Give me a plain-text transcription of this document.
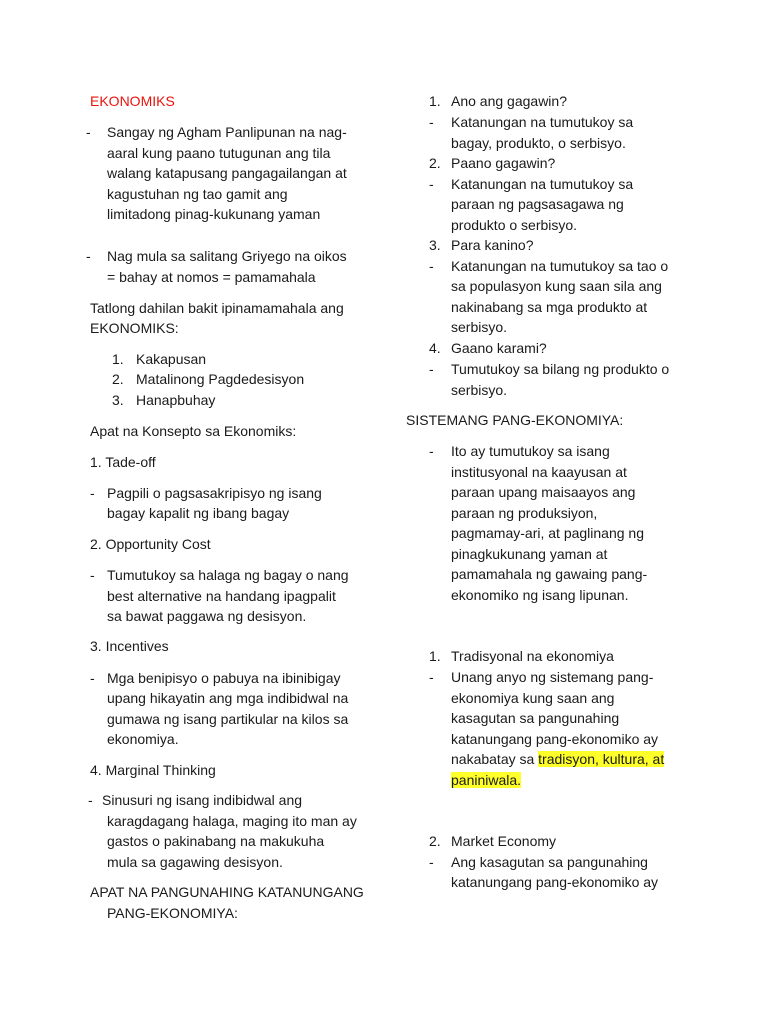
EKONOMIKS
- Sangay ng Agham Panlipunan na nag-
aaral kung paano tutugunan ang tila
walang katapusang pangagailangan at
kagustuhan ng tao gamit ang
limitadong pinag-kukunang yaman
- Nag mula sa salitang Griyego na oikos
= bahay at nomos = pamamahala
Tatlong dahilan bakit ipinamamahala ang
EKONOMIKS:
1. Kakapusan
2. Matalinong Pagdedesisyon
3. Hanapbuhay
Apat na Konsepto sa Ekonomiks:
1. Tade-off
- Pagpili o pagsasakripisyo ng isang
bagay kapalit ng ibang bagay
2. Opportunity Cost
- Tumutukoy sa halaga ng bagay o nang
best alternative na handang ipagpalit
sa bawat paggawa ng desisyon.
3. Incentives
- Mga benipisyo o pabuya na ibinibigay
upang hikayatin ang mga indibidwal na
gumawa ng isang partikular na kilos sa
ekonomiya.
4. Marginal Thinking
- Sinusuri ng isang indibidwal ang
karagdagang halaga, maging ito man ay
gastos o pakinabang na makukuha
mula sa gagawing desisyon.
APAT NA PANGUNAHING KATANUNGANG
PANG-EKONOMIYA:
1. Ano ang gagawin?
- Katanungan na tumutukoy sa
bagay, produkto, o serbisyo.
2. Paano gagawin?
- Katanungan na tumutukoy sa
paraan ng pagsasagawa ng
produkto o serbisyo.
3. Para kanino?
- Katanungan na tumutukoy sa tao o
sa populasyon kung saan sila ang
nakinabang sa mga produkto at
serbisyo.
4. Gaano karami?
- Tumutukoy sa bilang ng produkto o
serbisyo.
SISTEMANG PANG-EKONOMIYA:
- Ito ay tumutukoy sa isang
institusyonal na kaayusan at
paraan upang maisaayos ang
paraan ng produksiyon,
pagmamay-ari, at paglinang ng
pinagkukunang yaman at
pamamahala ng gawaing pang-
ekonomiko ng isang lipunan.
1. Tradisyonal na ekonomiya
- Unang anyo ng sistemang pang-
ekonomiya kung saan ang
kasagutan sa pangunahing
katanungang pang-ekonomiko ay
nakabatay sa tradisyon, kultura, at
paniniwala.
2. Market Economy
- Ang kasagutan sa pangunahing
katanungang pang-ekonomiko ay
